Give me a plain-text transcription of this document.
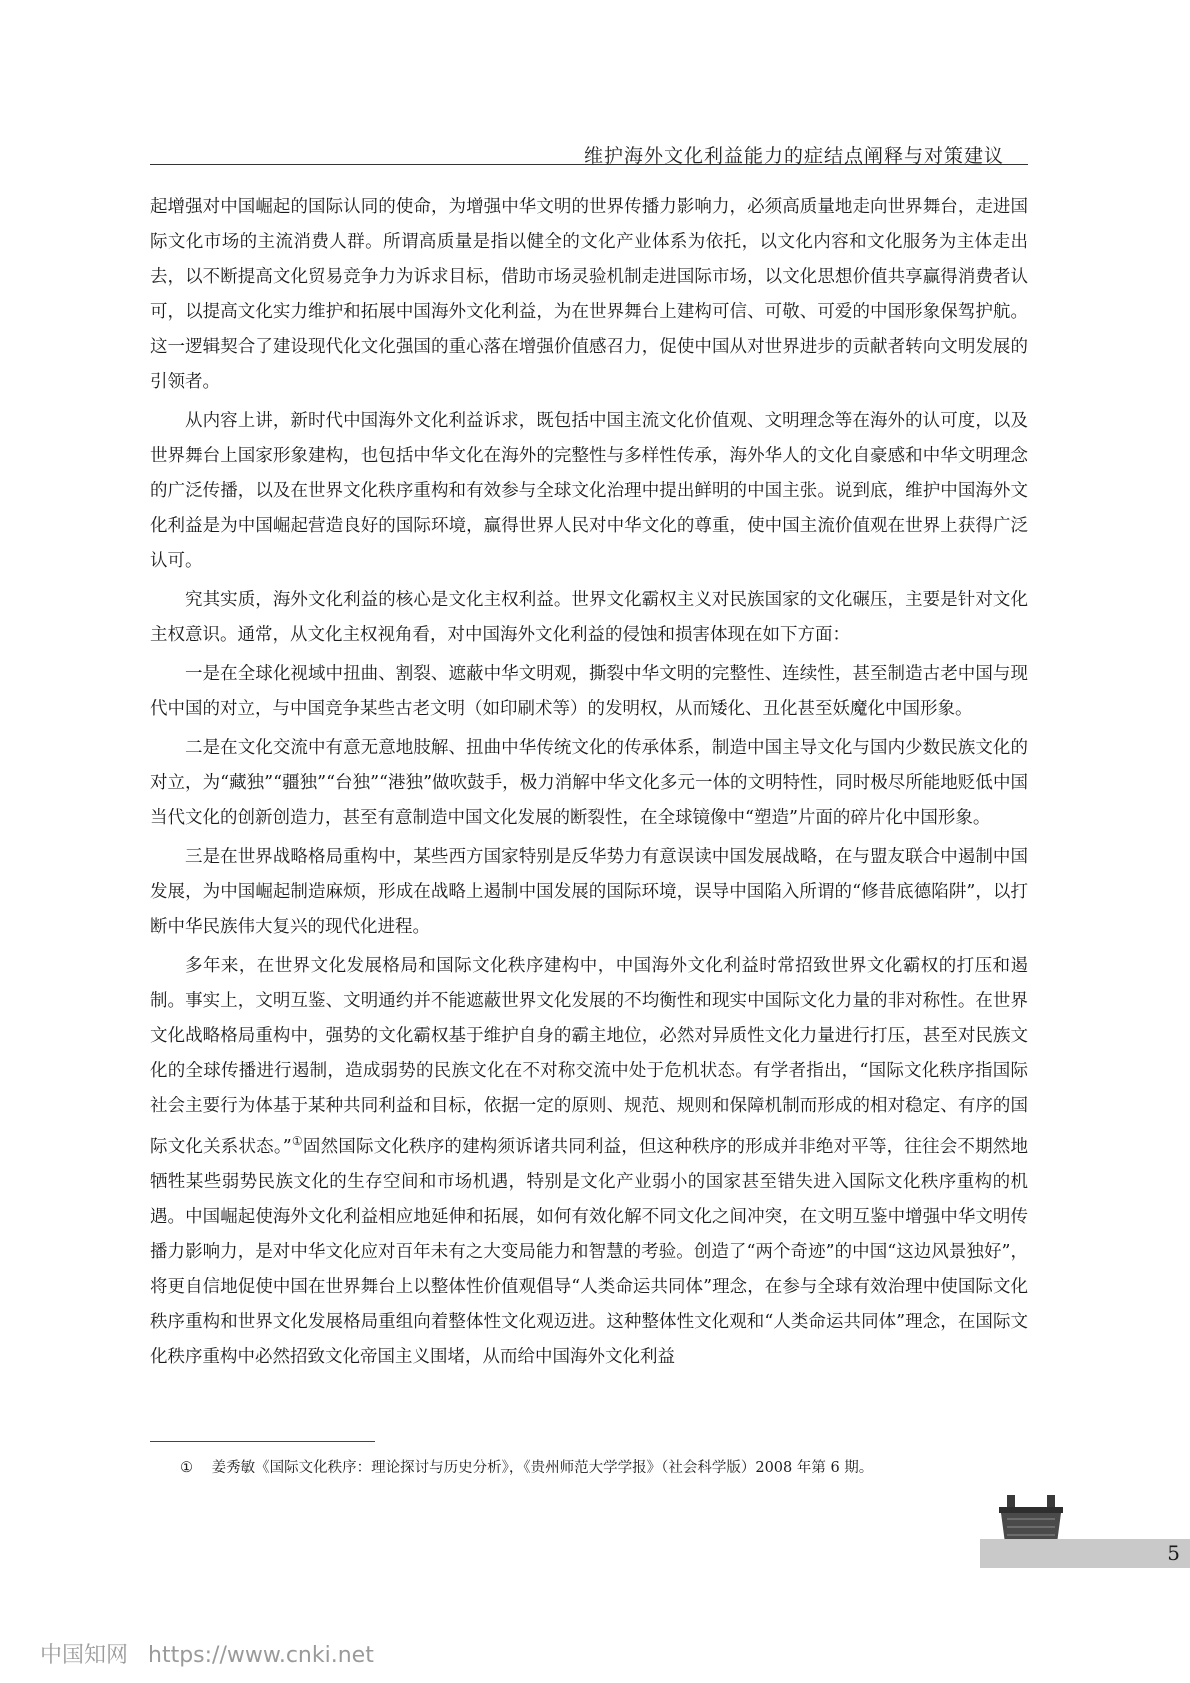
维护海外文化利益能力的症结点阐释与对策建议

起增强对中国崛起的国际认同的使命，为增强中华文明的世界传播力影响力，必须高质量地走向世界舞台，走进国际文化市场的主流消费人群。所谓高质量是指以健全的文化产业体系为依托，以文化内容和文化服务为主体走出去，以不断提高文化贸易竞争力为诉求目标，借助市场灵验机制走进国际市场，以文化思想价值共享赢得消费者认可，以提高文化实力维护和拓展中国海外文化利益，为在世界舞台上建构可信、可敬、可爱的中国形象保驾护航。这一逻辑契合了建设现代化文化强国的重心落在增强价值感召力，促使中国从对世界进步的贡献者转向文明发展的引领者。

从内容上讲，新时代中国海外文化利益诉求，既包括中国主流文化价值观、文明理念等在海外的认可度，以及世界舞台上国家形象建构，也包括中华文化在海外的完整性与多样性传承，海外华人的文化自豪感和中华文明理念的广泛传播，以及在世界文化秩序重构和有效参与全球文化治理中提出鲜明的中国主张。说到底，维护中国海外文化利益是为中国崛起营造良好的国际环境，赢得世界人民对中华文化的尊重，使中国主流价值观在世界上获得广泛认可。

究其实质，海外文化利益的核心是文化主权利益。世界文化霸权主义对民族国家的文化碾压，主要是针对文化主权意识。通常，从文化主权视角看，对中国海外文化利益的侵蚀和损害体现在如下方面：

一是在全球化视域中扭曲、割裂、遮蔽中华文明观，撕裂中华文明的完整性、连续性，甚至制造古老中国与现代中国的对立，与中国竞争某些古老文明（如印刷术等）的发明权，从而矮化、丑化甚至妖魔化中国形象。

二是在文化交流中有意无意地肢解、扭曲中华传统文化的传承体系，制造中国主导文化与国内少数民族文化的对立，为“藏独”“疆独”“台独”“港独”做吹鼓手，极力消解中华文化多元一体的文明特性，同时极尽所能地贬低中国当代文化的创新创造力，甚至有意制造中国文化发展的断裂性，在全球镜像中“塑造”片面的碎片化中国形象。

三是在世界战略格局重构中，某些西方国家特别是反华势力有意误读中国发展战略，在与盟友联合中遏制中国发展，为中国崛起制造麻烦，形成在战略上遏制中国发展的国际环境，误导中国陷入所谓的“修昔底德陷阱”，以打断中华民族伟大复兴的现代化进程。

多年来，在世界文化发展格局和国际文化秩序建构中，中国海外文化利益时常招致世界文化霸权的打压和遏制。事实上，文明互鉴、文明通约并不能遮蔽世界文化发展的不均衡性和现实中国际文化力量的非对称性。在世界文化战略格局重构中，强势的文化霸权基于维护自身的霸主地位，必然对异质性文化力量进行打压，甚至对民族文化的全球传播进行遏制，造成弱势的民族文化在不对称交流中处于危机状态。有学者指出，“国际文化秩序指国际社会主要行为体基于某种共同利益和目标，依据一定的原则、规范、规则和保障机制而形成的相对稳定、有序的国际文化关系状态。”①固然国际文化秩序的建构须诉诸共同利益，但这种秩序的形成并非绝对平等，往往会不期然地牺牲某些弱势民族文化的生存空间和市场机遇，特别是文化产业弱小的国家甚至错失进入国际文化秩序重构的机遇。中国崛起使海外文化利益相应地延伸和拓展，如何有效化解不同文化之间冲突，在文明互鉴中增强中华文明传播力影响力，是对中华文化应对百年未有之大变局能力和智慧的考验。创造了“两个奇迹”的中国“这边风景独好”，将更自信地促使中国在世界舞台上以整体性价值观倡导“人类命运共同体”理念，在参与全球有效治理中使国际文化秩序重构和世界文化发展格局重组向着整体性文化观迈进。这种整体性文化观和“人类命运共同体”理念，在国际文化秩序重构中必然招致文化帝国主义围堵，从而给中国海外文化利益

① 姜秀敏《国际文化秩序：理论探讨与历史分析》，《贵州师范大学学报》（社会科学版）2008 年第 6 期。
5
中国知网 https://www.cnki.net
